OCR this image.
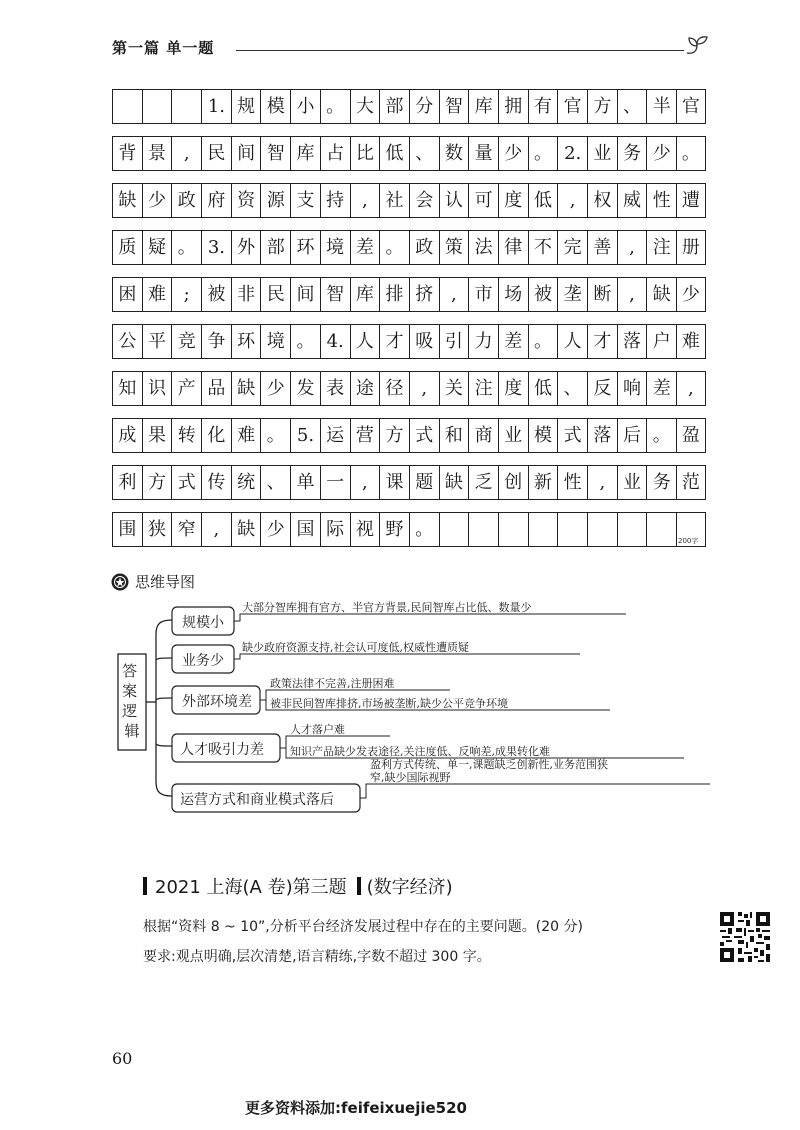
第一篇 单一题
1. 规 模 小 。 大 部 分 智 库 拥 有 官 方 、 半 官
背 景 , 民 间 智 库 占 比 低 、 数 量 少 。 2. 业 务 少 。
缺 少 政 府 资 源 支 持 , 社 会 认 可 度 低 , 权 威 性 遭
质 疑 。 3. 外 部 环 境 差 。 政 策 法 律 不 完 善 , 注 册
困 难 ; 被 非 民 间 智 库 排 挤 , 市 场 被 垄 断 , 缺 少
公 平 竞 争 环 境 。 4. 人 才 吸 引 力 差 。 人 才 落 户 难
知 识 产 品 缺 少 发 表 途 径 , 关 注 度 低 、 反 响 差 ,
成 果 转 化 难 。 5. 运 营 方 式 和 商 业 模 式 落 后 。 盈
利 方 式 传 统 、 单 一 , 课 题 缺 乏 创 新 性 , 业 务 范
围 狭 窄 , 缺 少 国 际 视 野 。
200字
思维导图
答 案 逻 辑
规模小
大部分智库拥有官方、半官方背景,民间智库占比低、数量少
业务少
缺少政府资源支持,社会认可度低,权威性遭质疑
外部环境差
政策法律不完善,注册困难
被非民间智库排挤,市场被垄断,缺少公平竞争环境
人才吸引力差
人才落户难
知识产品缺少发表途径,关注度低、反响差,成果转化难
运营方式和商业模式落后
盈利方式传统、单一,课题缺乏创新性,业务范围狭
窄,缺少国际视野
2021 上海(A 卷)第三题 (数字经济)
根据“资料 8 ~ 10”,分析平台经济发展过程中存在的主要问题。(20 分)
要求:观点明确,层次清楚,语言精练,字数不超过 300 字。
60
更多资料添加:feifeixuejie520
